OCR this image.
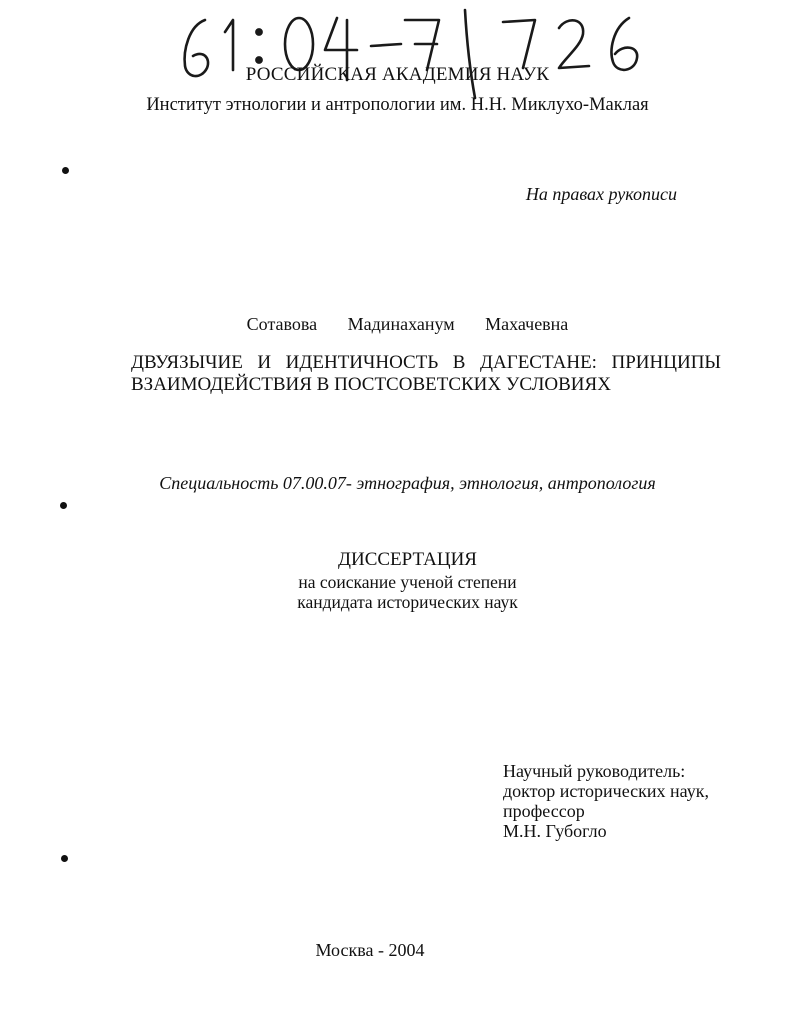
РОССИЙСКАЯ АКАДЕМИЯ НАУК
Институт этнологии и антропологии им. Н.Н. Миклухо-Маклая
На правах рукописи
Сотавова Мадинаханум Махачевна
ДВУЯЗЫЧИЕ И ИДЕНТИЧНОСТЬ В ДАГЕСТАНЕ: ПРИНЦИПЫ
ВЗАИМОДЕЙСТВИЯ В ПОСТСОВЕТСКИХ УСЛОВИЯХ
Специальность 07.00.07- этнография, этнология, антропология
ДИССЕРТАЦИЯ
на соискание ученой степени
кандидата исторических наук
Научный руководитель:
доктор исторических наук,
профессор
М.Н. Губогло
Москва - 2004
